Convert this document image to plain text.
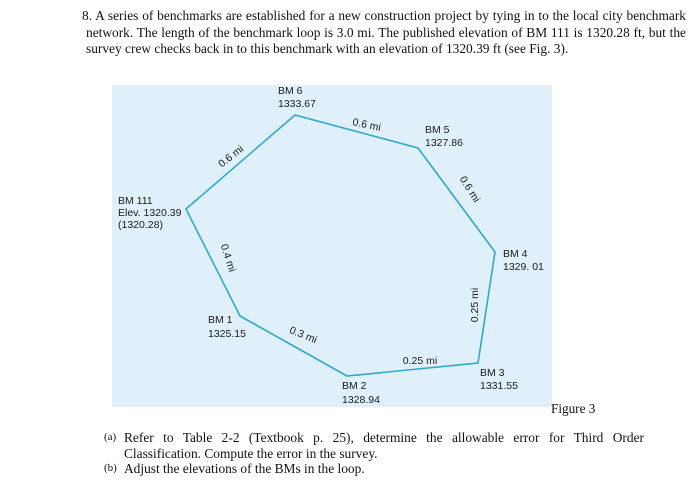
8. A series of benchmarks are established for a new construction project by tying in to the local city benchmark network. The length of the benchmark loop is 3.0 mi. The published elevation of BM 111 is 1320.28 ft, but the survey crew checks back in to this benchmark with an elevation of 1320.39 ft (see Fig. 3).
BM 111
Elev. 1320.39
(1320.28)
BM 6
1333.67
BM 5
1327.86
BM 4
1329. 01
BM 3
1331.55
BM 2
1328.94
BM 1
1325.15
0.6 mi
0.6 mi
0.6 mi
0.25 mi
0.25 mi
0.3 mi
0.4 mi
Figure 3
(a) Refer to Table 2-2 (Textbook p. 25), determine the allowable error for Third Order Classification. Compute the error in the survey.
(b) Adjust the elevations of the BMs in the loop.
